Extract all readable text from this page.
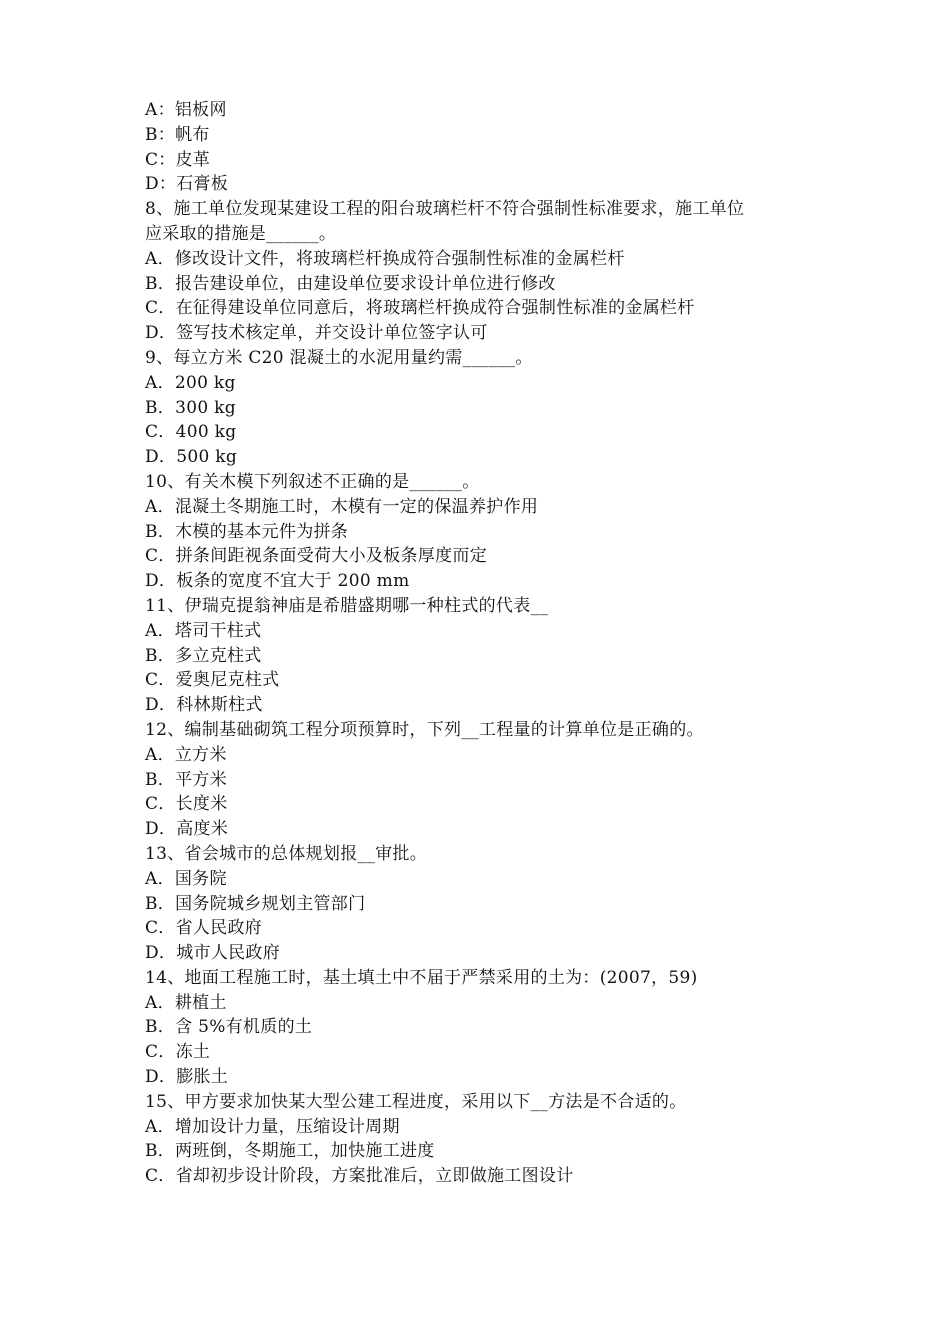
A：铝板网
B：帆布
C：皮革
D：石膏板
8、施工单位发现某建设工程的阳台玻璃栏杆不符合强制性标准要求，施工单位
应采取的措施是______。
A．修改设计文件，将玻璃栏杆换成符合强制性标准的金属栏杆
B．报告建设单位，由建设单位要求设计单位进行修改
C．在征得建设单位同意后，将玻璃栏杆换成符合强制性标准的金属栏杆
D．签写技术核定单，并交设计单位签字认可
9、每立方米 C20 混凝土的水泥用量约需______。
A．200 kg
B．300 kg
C．400 kg
D．500 kg
10、有关木模下列叙述不正确的是______。
A．混凝土冬期施工时，木模有一定的保温养护作用
B．木模的基本元件为拼条
C．拼条间距视条面受荷大小及板条厚度而定
D．板条的宽度不宜大于 200 mm
11、伊瑞克提翁神庙是希腊盛期哪一种柱式的代表__
A．塔司干柱式
B．多立克柱式
C．爱奥尼克柱式
D．科林斯柱式
12、编制基础砌筑工程分项预算时，下列__工程量的计算单位是正确的。
A．立方米
B．平方米
C．长度米
D．高度米
13、省会城市的总体规划报__审批。
A．国务院
B．国务院城乡规划主管部门
C．省人民政府
D．城市人民政府
14、地面工程施工时，基土填土中不届于严禁采用的土为：(2007，59)
A．耕植土
B．含 5%有机质的土
C．冻土
D．膨胀土
15、甲方要求加快某大型公建工程进度，采用以下__方法是不合适的。
A．增加设计力量，压缩设计周期
B．两班倒，冬期施工，加快施工进度
C．省却初步设计阶段，方案批准后，立即做施工图设计
